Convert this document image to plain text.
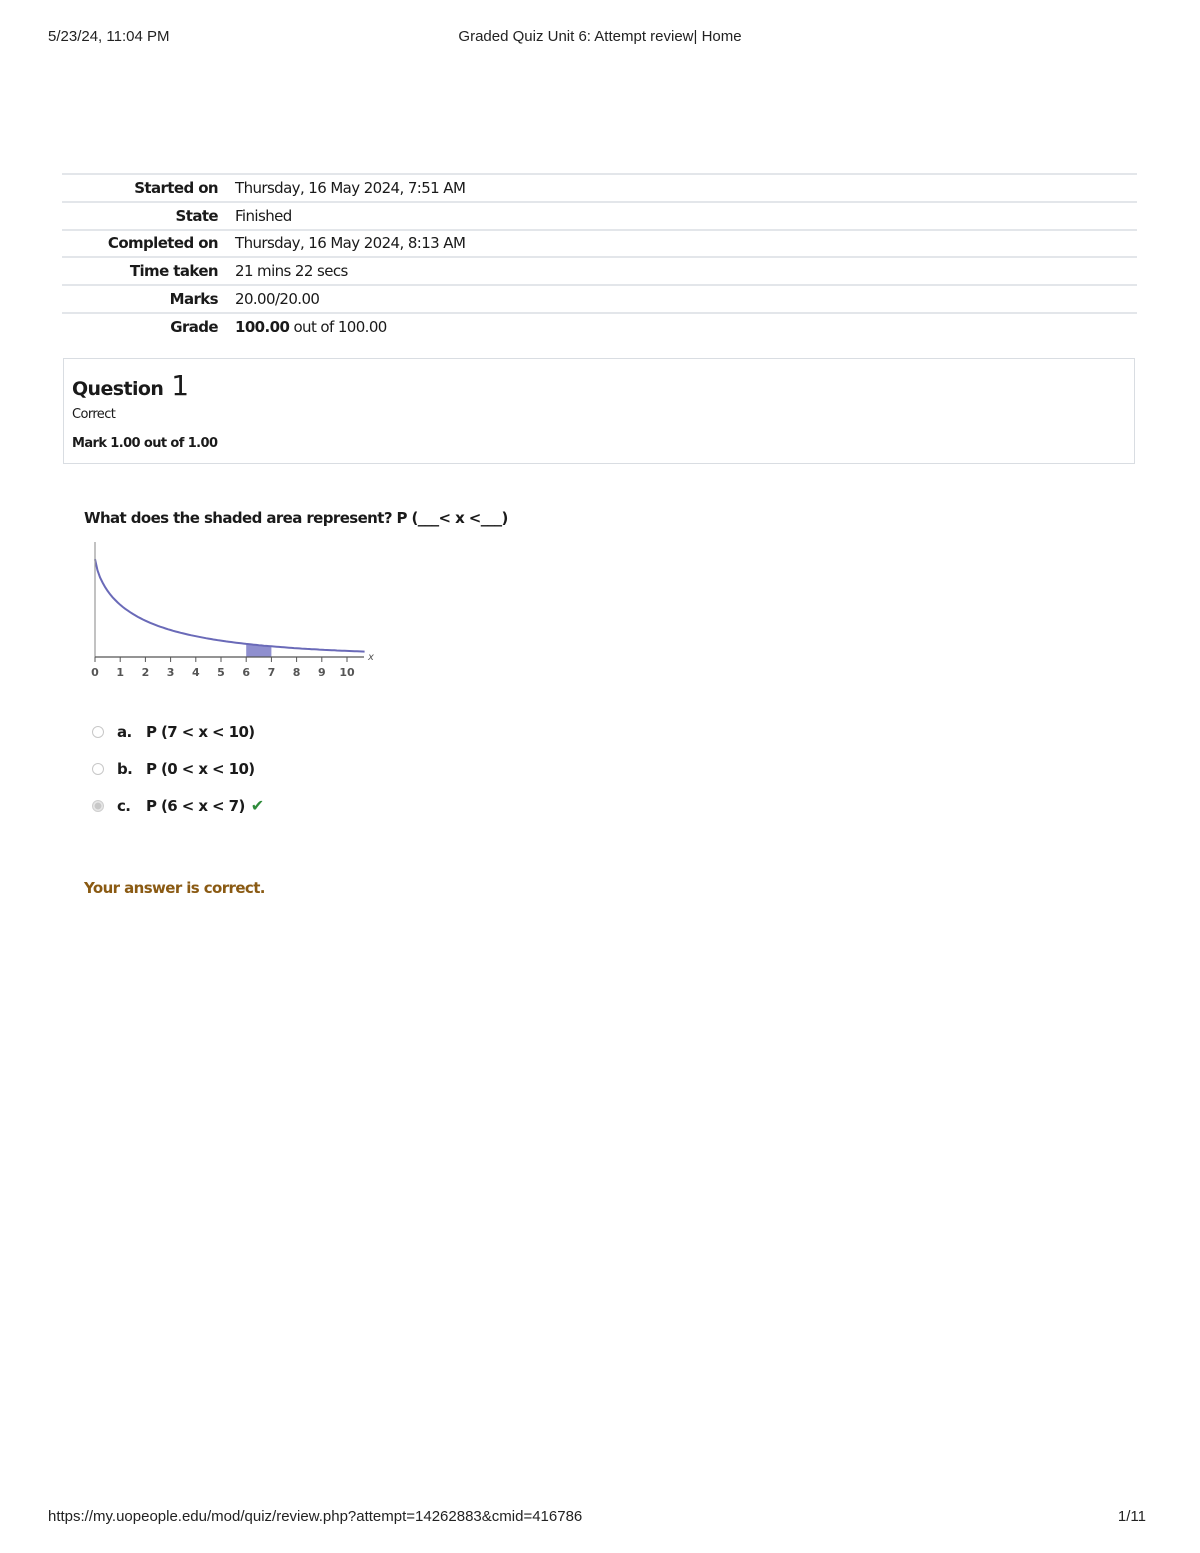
5/23/24, 11:04 PM	Graded Quiz Unit 6: Attempt review| Home
Started on	Thursday, 16 May 2024, 7:51 AM
State	Finished
Completed on	Thursday, 16 May 2024, 8:13 AM
Time taken	21 mins 22 secs
Marks	20.00/20.00
Grade	100.00 out of 100.00
Question 1
Correct
Mark 1.00 out of 1.00
What does the shaded area represent? P (___< x <___)
0 1 2 3 4 5 6 7 8 9 10
x
a. P (7 < x < 10)
b. P (0 < x < 10)
c.	P (6 < x < 7) ✔
Your answer is correct.
https://my.uopeople.edu/mod/quiz/review.php?attempt=14262883&cmid=416786	1/11
